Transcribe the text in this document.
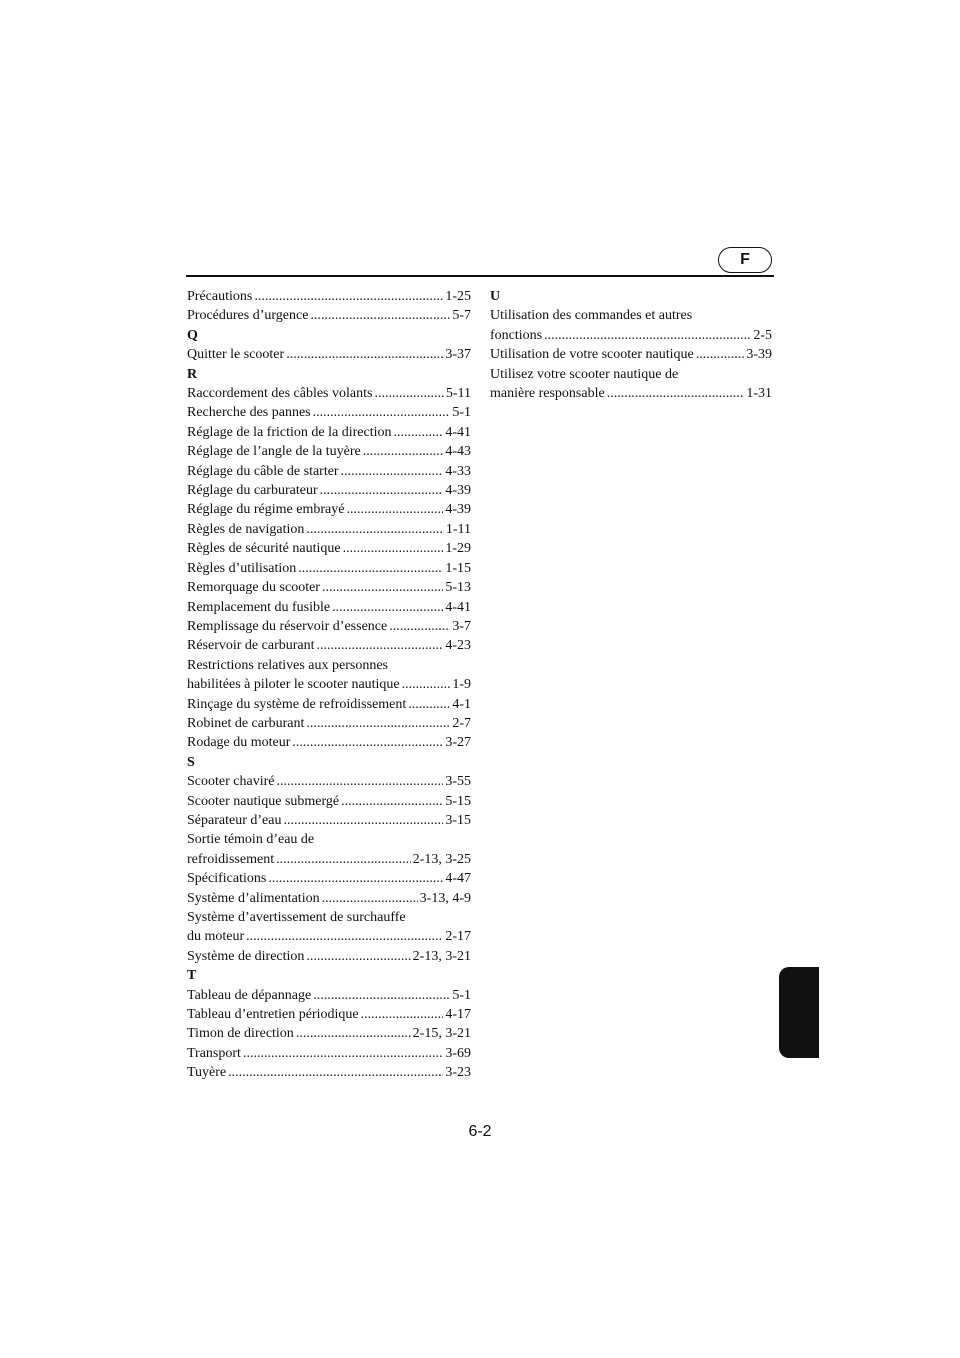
F
Précautions .....	1-25
Procédures d’urgence .....	5-7
Q
Quitter le scooter .....	3-37
R
Raccordement des câbles volants .....	5-11
Recherche des pannes .....	5-1
Réglage de la friction de la direction .....	4-41
Réglage de l’angle de la tuyère .....	4-43
Réglage du câble de starter .....	4-33
Réglage du carburateur .....	4-39
Réglage du régime embrayé .....	4-39
Règles de navigation .....	1-11
Règles de sécurité nautique .....	1-29
Règles d’utilisation .....	1-15
Remorquage du scooter .....	5-13
Remplacement du fusible .....	4-41
Remplissage du réservoir d’essence .....	3-7
Réservoir de carburant .....	4-23
Restrictions relatives aux personnes
habilitées à piloter le scooter nautique .....	1-9
Rinçage du système de refroidissement .....	4-1
Robinet de carburant .....	2-7
Rodage du moteur .....	3-27
S
Scooter chaviré .....	3-55
Scooter nautique submergé .....	5-15
Séparateur d’eau .....	3-15
Sortie témoin d’eau de
refroidissement .....	2-13, 3-25
Spécifications .....	4-47
Système d’alimentation .....	3-13, 4-9
Système d’avertissement de surchauffe
du moteur .....	2-17
Système de direction .....	2-13, 3-21
T
Tableau de dépannage .....	5-1
Tableau d’entretien périodique .....	4-17
Timon de direction .....	2-15, 3-21
Transport .....	3-69
Tuyère .....	3-23
U
Utilisation des commandes et autres
fonctions .....	2-5
Utilisation de votre scooter nautique .....	3-39
Utilisez votre scooter nautique de
manière responsable .....	1-31
6-2
